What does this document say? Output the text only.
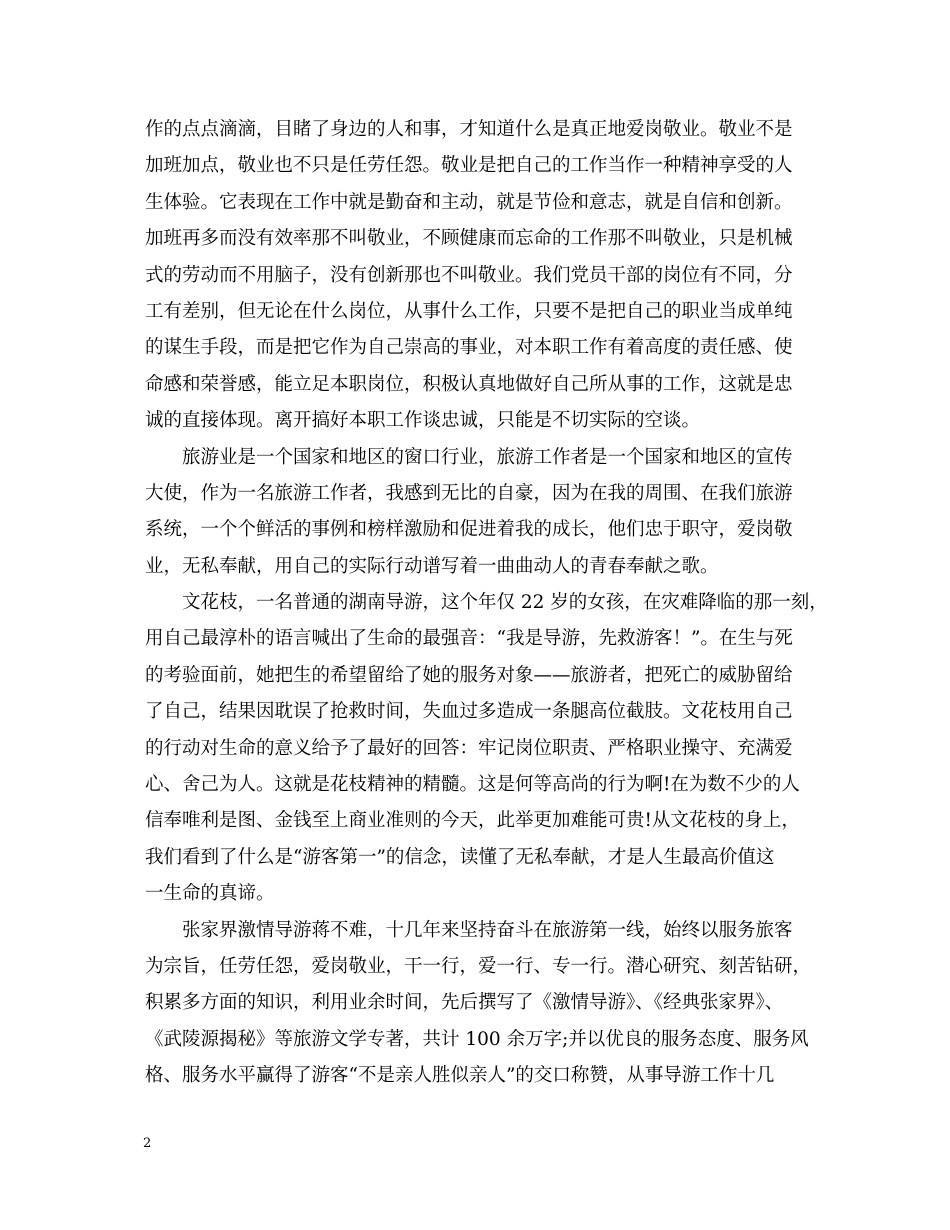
作的点点滴滴，目睹了身边的人和事，才知道什么是真正地爱岗敬业。敬业不是
加班加点，敬业也不只是任劳任怨。敬业是把自己的工作当作一种精神享受的人
生体验。它表现在工作中就是勤奋和主动，就是节俭和意志，就是自信和创新。
加班再多而没有效率那不叫敬业，不顾健康而忘命的工作那不叫敬业，只是机械
式的劳动而不用脑子，没有创新那也不叫敬业。我们党员干部的岗位有不同，分
工有差别，但无论在什么岗位，从事什么工作，只要不是把自己的职业当成单纯
的谋生手段，而是把它作为自己崇高的事业，对本职工作有着高度的责任感、使
命感和荣誉感，能立足本职岗位，积极认真地做好自己所从事的工作，这就是忠
诚的直接体现。离开搞好本职工作谈忠诚，只能是不切实际的空谈。
旅游业是一个国家和地区的窗口行业，旅游工作者是一个国家和地区的宣传
大使，作为一名旅游工作者，我感到无比的自豪，因为在我的周围、在我们旅游
系统，一个个鲜活的事例和榜样激励和促进着我的成长，他们忠于职守，爱岗敬
业，无私奉献，用自己的实际行动谱写着一曲曲动人的青春奉献之歌。
文花枝，一名普通的湖南导游，这个年仅 22 岁的女孩，在灾难降临的那一刻，
用自己最淳朴的语言喊出了生命的最强音：“我是导游，先救游客！”。在生与死
的考验面前，她把生的希望留给了她的服务对象——旅游者，把死亡的威胁留给
了自己，结果因耽误了抢救时间，失血过多造成一条腿高位截肢。文花枝用自己
的行动对生命的意义给予了最好的回答：牢记岗位职责、严格职业操守、充满爱
心、舍己为人。这就是花枝精神的精髓。这是何等高尚的行为啊!在为数不少的人
信奉唯利是图、金钱至上商业准则的今天，此举更加难能可贵!从文花枝的身上，
我们看到了什么是“游客第一”的信念，读懂了无私奉献，才是人生最高价值这
一生命的真谛。
张家界激情导游蒋不难，十几年来坚持奋斗在旅游第一线，始终以服务旅客
为宗旨，任劳任怨，爱岗敬业，干一行，爱一行、专一行。潜心研究、刻苦钻研，
积累多方面的知识，利用业余时间，先后撰写了《激情导游》、《经典张家界》、
《武陵源揭秘》等旅游文学专著，共计 100 余万字;并以优良的服务态度、服务风
格、服务水平赢得了游客“不是亲人胜似亲人”的交口称赞，从事导游工作十几
2
